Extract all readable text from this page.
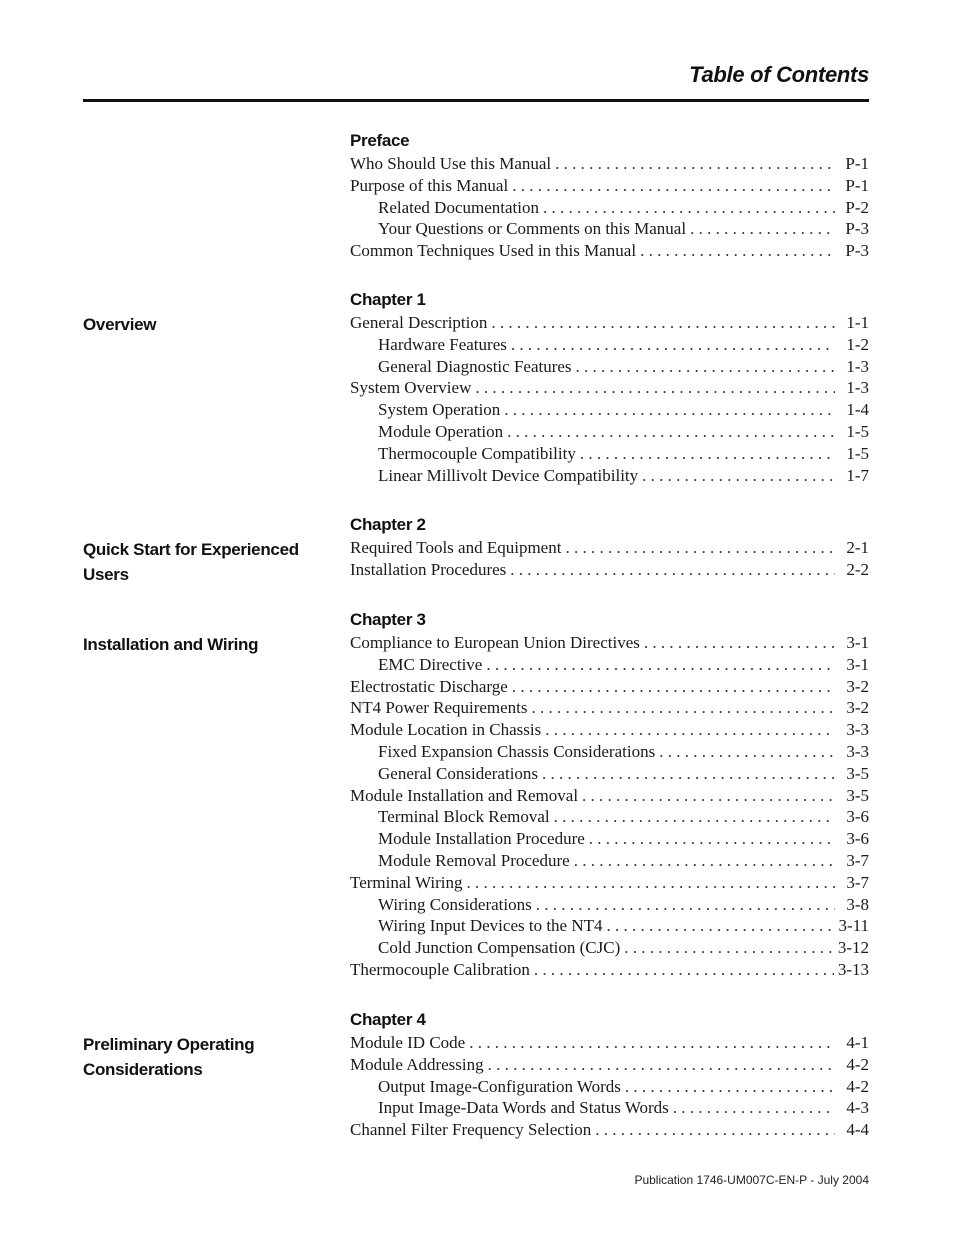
Table of Contents
Preface
Who Should Use this Manual . . .	P-1
Purpose of this Manual . . .	P-1
Related Documentation . . .	P-2
Your Questions or Comments on this Manual . . .	P-3
Common Techniques Used in this Manual . . .	P-3
Overview
Chapter 1
General Description . . .	1-1
Hardware Features . . .	1-2
General Diagnostic Features . . .	1-3
System Overview . . .	1-3
System Operation . . .	1-4
Module Operation . . .	1-5
Thermocouple Compatibility . . .	1-5
Linear Millivolt Device Compatibility . . .	1-7
Quick Start for Experienced Users
Chapter 2
Required Tools and Equipment . . .	2-1
Installation Procedures . . .	2-2
Installation and Wiring
Chapter 3
Compliance to European Union Directives . . .	3-1
EMC Directive . . .	3-1
Electrostatic Discharge . . .	3-2
NT4 Power Requirements . . .	3-2
Module Location in Chassis . . .	3-3
Fixed Expansion Chassis Considerations . . .	3-3
General Considerations . . .	3-5
Module Installation and Removal . . .	3-5
Terminal Block Removal . . .	3-6
Module Installation Procedure . . .	3-6
Module Removal Procedure . . .	3-7
Terminal Wiring . . .	3-7
Wiring Considerations . . .	3-8
Wiring Input Devices to the NT4 . . .	3-11
Cold Junction Compensation (CJC) . . .	3-12
Thermocouple Calibration . . .	3-13
Preliminary Operating Considerations
Chapter 4
Module ID Code . . .	4-1
Module Addressing . . .	4-2
Output Image-Configuration Words . . .	4-2
Input Image-Data Words and Status Words . . .	4-3
Channel Filter Frequency Selection . . .	4-4
Publication 1746-UM007C-EN-P - July 2004
